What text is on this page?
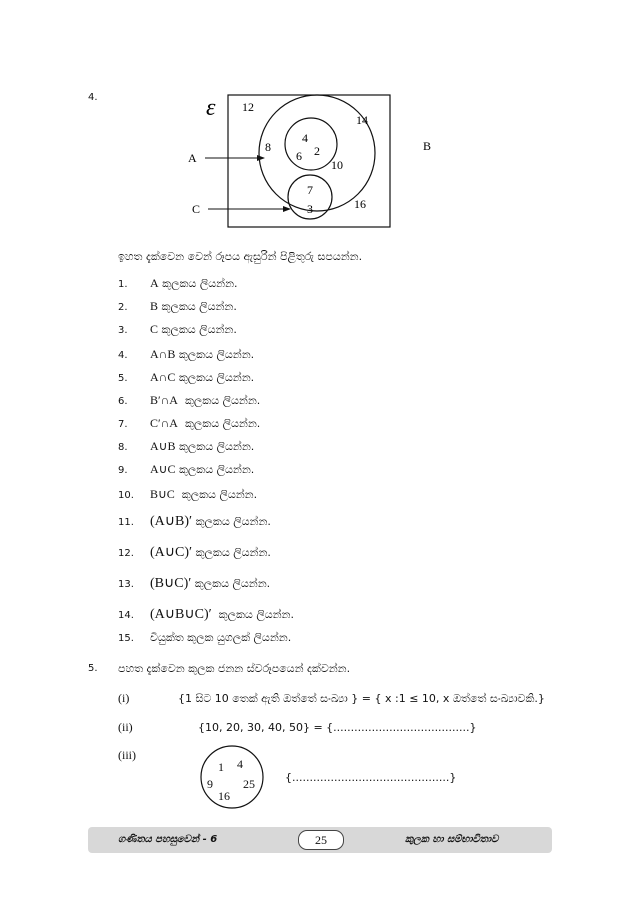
4.	ε
A
B
C
12
14
8
4
6 2
10
7
3	16
ඉහත දැක්වෙන වෙන් රූපය ඇසුරින් පිළිතුරු සපයන්න.
1. A කුලකය ලියන්න.
2. B කුලකය ලියන්න.
3. C කුලකය ලියන්න.
4. A∩B කුලකය ලියන්න.
5. A∩C කුලකය ලියන්න.
6. B′∩A  කුලකය ලියන්න.
7. C′∩A  කුලකය ලියන්න.
8. A∪B කුලකය ලියන්න.
9. A∪C කුලකය ලියන්න.
10. B∪C  කුලකය ලියන්න.
11. (A∪B)′ කුලකය ලියන්න.
12. (A∪C)′ කුලකය ලියන්න.
13. (B∪C)′ කුලකය ලියන්න.
14. (A∪B∪C)′  කුලකය ලියන්න.
15. වියුක්ත කුලක යුගලක් ලියන්න.
5. පහත දැක්වෙන කුලක ජනන ස්වරූපයෙන් දක්වන්න.
(i)	{1 සිට 10 තෙක් ඇති ඔත්තේ සංඛ්‍යා } = { x :1 ≤ 10, x ඔත්තේ සංඛ්‍යාවකි.}
(ii)	{10, 20, 30, 40, 50} = {.......................................}
(iii)
1 4
9	25
16
{.............................................}
ගණිතය පහසුවෙන් - 6	25	කුලක හා සම්භාවිතාව
